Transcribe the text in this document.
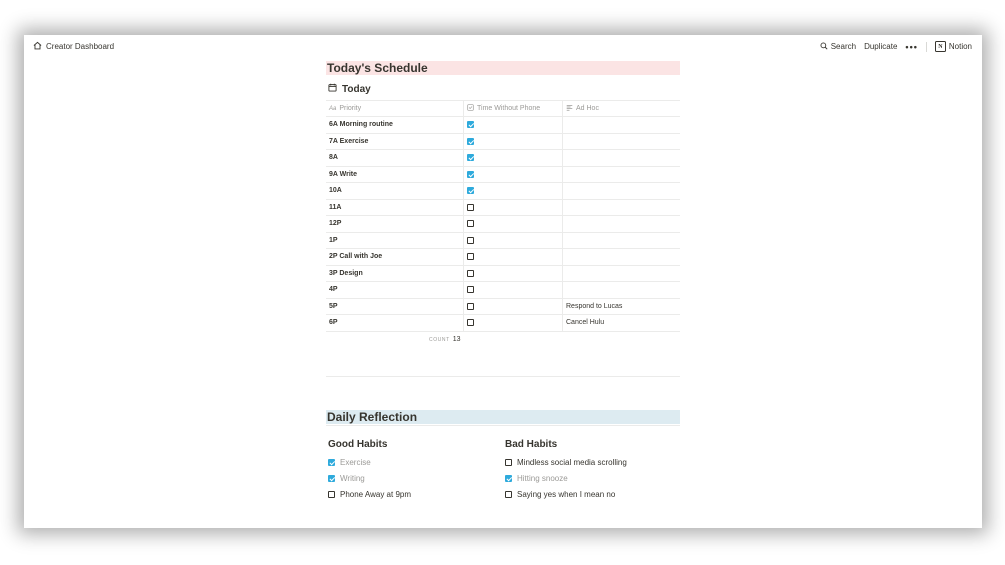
Creator Dashboard	Search Duplicate •••	N Notion
Today's Schedule
Today
Aa Priority	Time Without Phone	Ad Hoc

6A Morning routine		
7A Exercise		
8A		
9A Write		
10A		
11A		
12P		
1P		
2P Call with Joe		
3P Design		
4P		
5P		Respond to Lucas
6P		Cancel Hulu
COUNT 13
Daily Reflection
Good Habits
Exercise
Writing
Phone Away at 9pm
Bad Habits
Mindless social media scrolling
Hitting snooze
Saying yes when I mean no
